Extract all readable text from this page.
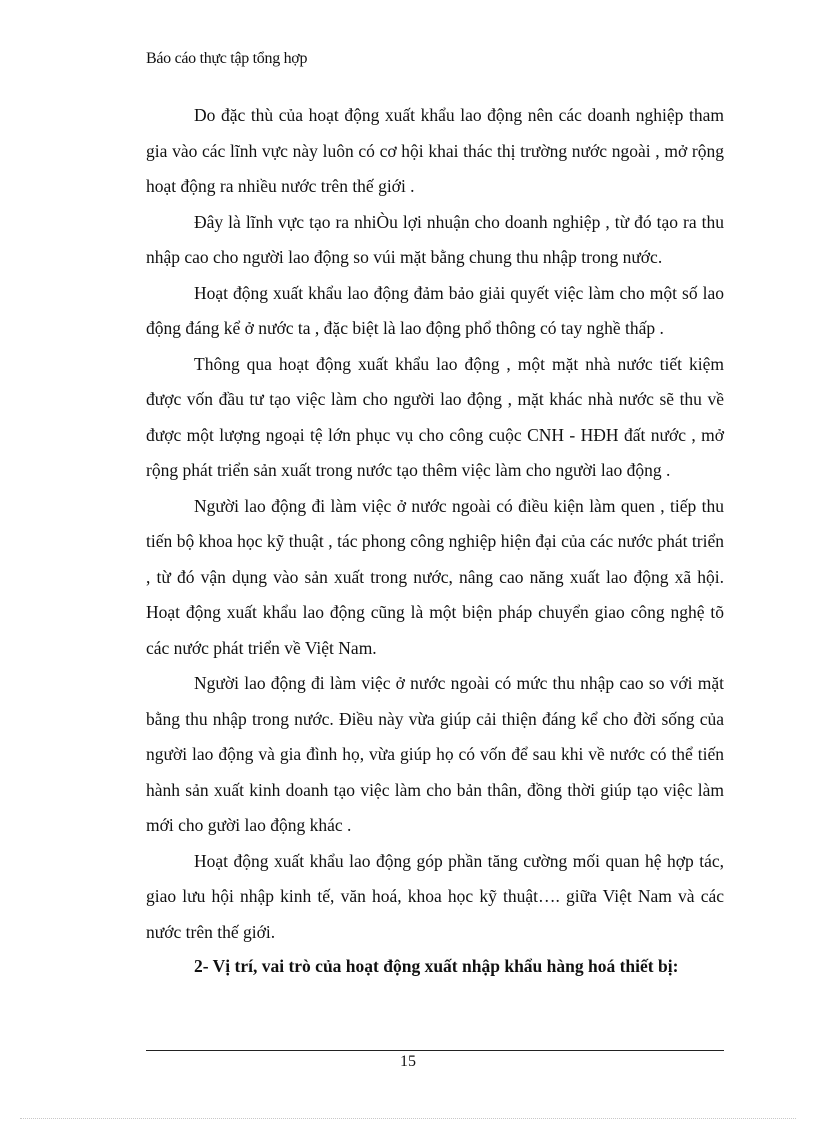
Báo cáo thực tập tổng hợp

Do đặc thù của hoạt động xuất khẩu lao động nên các doanh nghiệp tham gia vào các lĩnh vực này luôn có cơ hội khai thác thị trường nước ngoài , mở rộng hoạt động ra nhiều nước trên thế giới .

Đây là lĩnh vực tạo ra nhiÒu lợi nhuận cho doanh nghiệp , từ đó tạo ra thu nhập cao cho người lao động so vúi mặt bằng chung thu nhập trong nước.

Hoạt động xuất khẩu lao động đảm bảo giải quyết việc làm cho một số lao động đáng kể ở nước ta , đặc biệt là lao động phổ thông có tay nghề thấp .

Thông qua hoạt động xuất khẩu lao động , một mặt nhà nước tiết kiệm được vốn đầu tư tạo việc làm cho người lao động , mặt khác nhà nước sẽ thu về được một lượng ngoại tệ lớn phục vụ cho công cuộc CNH - HĐH đất nước , mở rộng phát triển sản xuất trong nước tạo thêm việc làm cho người lao động .

Người lao động đi làm việc ở nước ngoài có điều kiện làm quen , tiếp thu tiến bộ khoa học kỹ thuật , tác phong công nghiệp hiện đại của các nước phát triển , từ đó vận dụng vào sản xuất trong nước, nâng cao năng xuất lao động xã hội. Hoạt động xuất khẩu lao động cũng là một biện pháp chuyển giao công nghệ tõ các nước phát triển về Việt Nam.

Người lao động đi làm việc ở nước ngoài có mức thu nhập cao so với mặt bằng thu nhập trong nước. Điều này vừa giúp cải thiện đáng kể cho đời sống của người lao động và gia đình họ, vừa giúp họ có vốn để sau khi về nước có thể tiến hành sản xuất kinh doanh tạo việc làm cho bản thân, đồng thời giúp tạo việc làm mới cho gười lao động khác .

Hoạt động xuất khẩu lao động góp phần tăng cường mối quan hệ hợp tác, giao lưu hội nhập kinh tế, văn hoá, khoa học kỹ thuật…. giữa Việt Nam và các nước trên thế giới.

2- Vị trí, vai trò của hoạt động xuất nhập khẩu hàng hoá thiết bị:
15
